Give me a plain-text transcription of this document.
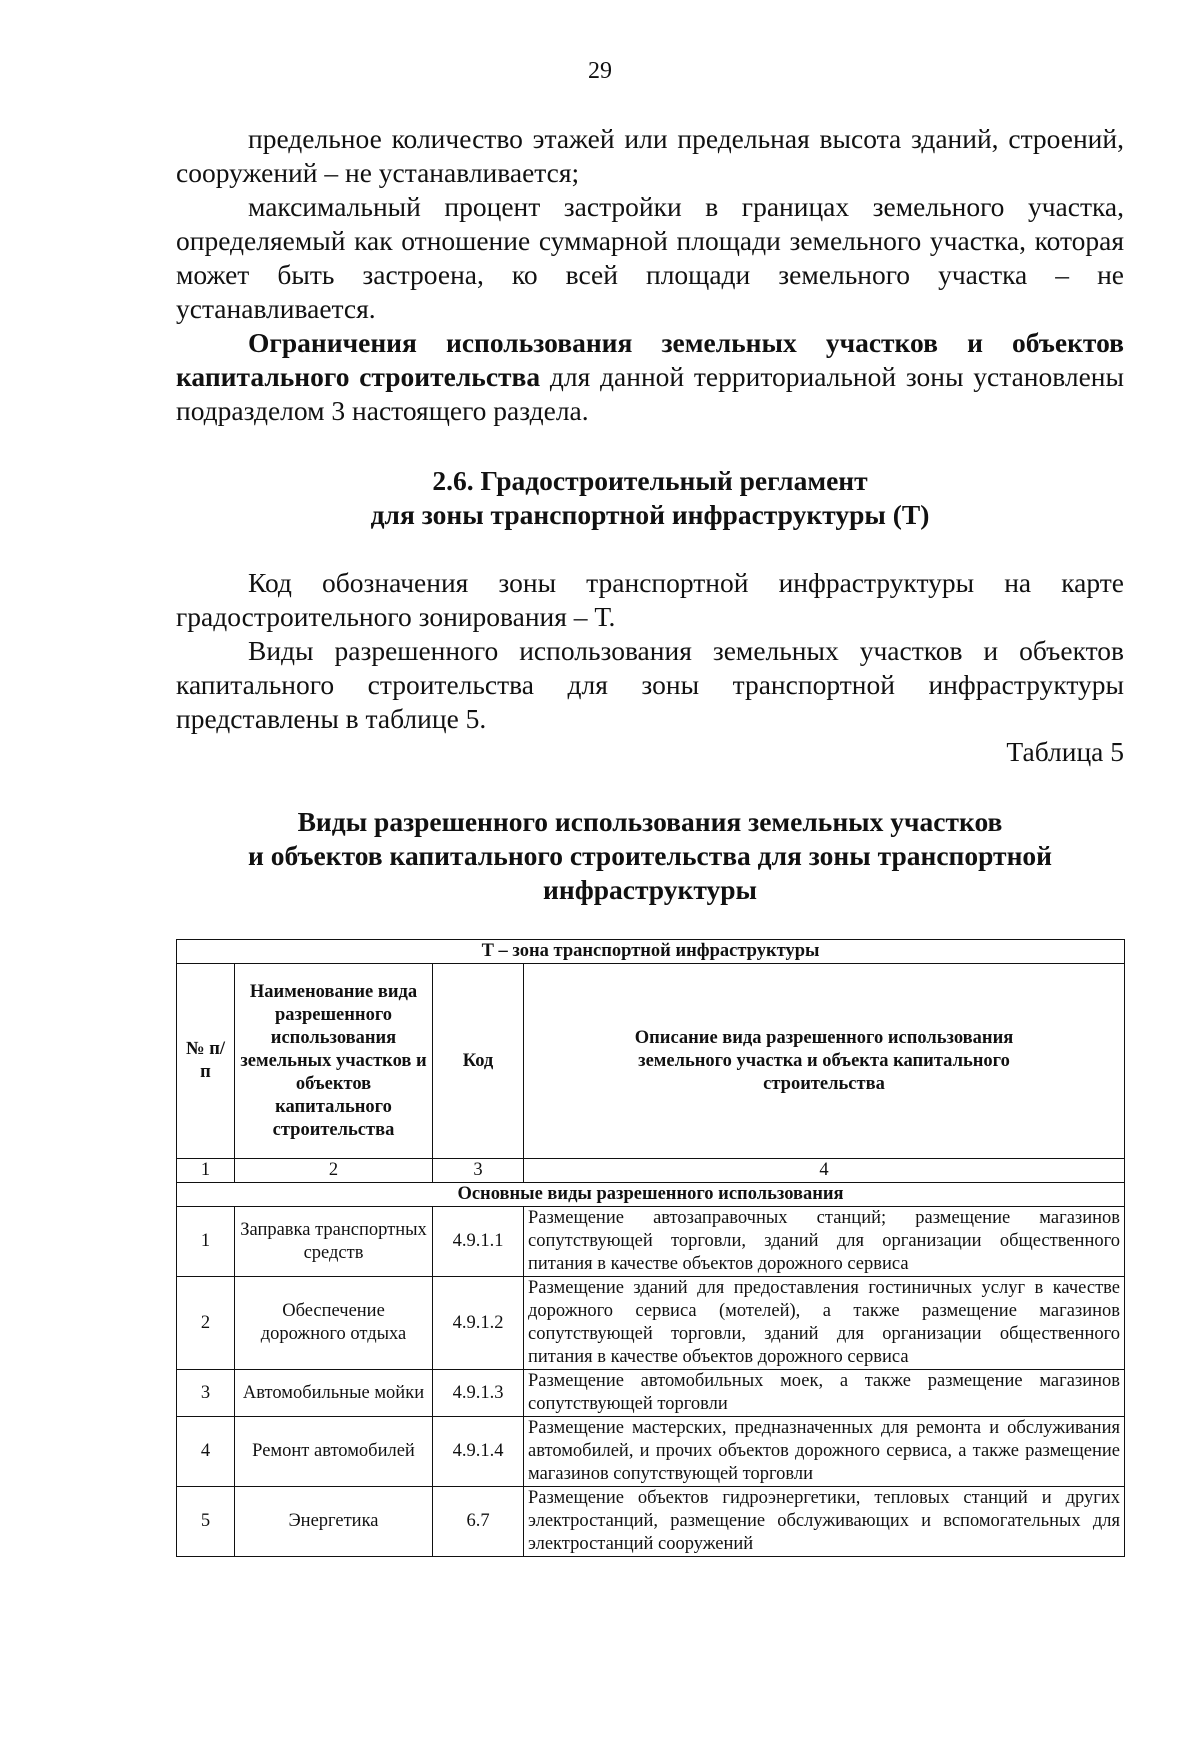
29

предельное количество этажей или предельная высота зданий, строений, сооружений – не устанавливается;

максимальный процент застройки в границах земельного участка, определяемый как отношение суммарной площади земельного участка, которая может быть застроена, ко всей площади земельного участка – не устанавливается.

Ограничения использования земельных участков и объектов капитального строительства для данной территориальной зоны установлены подразделом 3 настоящего раздела.

2.6. Градостроительный регламент
для зоны транспортной инфраструктуры (Т)

Код обозначения зоны транспортной инфраструктуры на карте градостроительного зонирования – Т.

Виды разрешенного использования земельных участков и объектов капитального строительства для зоны транспортной инфраструктуры представлены в таблице 5.

Таблица 5
Виды разрешенного использования земельных участков
и объектов капитального строительства для зоны транспортной
инфраструктуры
Т – зона транспортной инфраструктуры			
№ п/п	Наименование вида разрешенного использования земельных участков и объектов капитального строительства	Код	Описание вида разрешенного использования земельного участка и объекта капитального строительства
1	2	3	4
Основные виды разрешенного использования			
1	Заправка транспортных средств	4.9.1.1	Размещение автозаправочных станций; размещение магазинов сопутствующей торговли, зданий для организации общественного питания в качестве объектов дорожного сервиса
2	Обеспечение дорожного отдыха	4.9.1.2	Размещение зданий для предоставления гостиничных услуг в качестве дорожного сервиса (мотелей), а также размещение магазинов сопутствующей торговли, зданий для организации общественного питания в качестве объектов дорожного сервиса
3	Автомобильные мойки	4.9.1.3	Размещение автомобильных моек, а также размещение магазинов сопутствующей торговли
4	Ремонт автомобилей	4.9.1.4	Размещение мастерских, предназначенных для ремонта и обслуживания автомобилей, и прочих объектов дорожного сервиса, а также размещение магазинов сопутствующей торговли
5	Энергетика	6.7	Размещение объектов гидроэнергетики, тепловых станций и других электростанций, размещение обслуживающих и вспомогательных для электростанций сооружений
